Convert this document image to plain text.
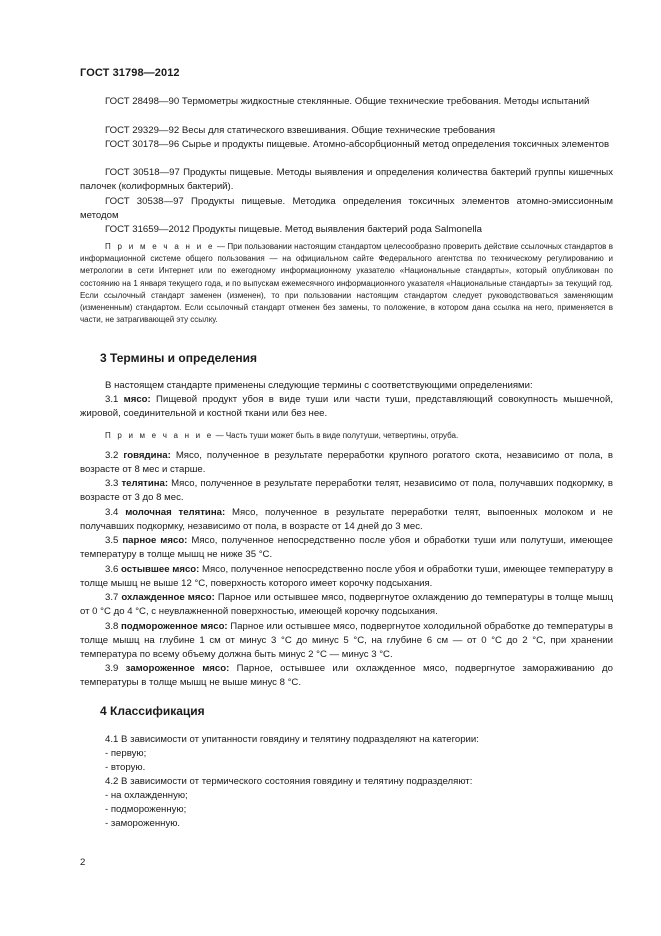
ГОСТ 31798—2012
ГОСТ 28498—90 Термометры жидкостные стеклянные. Общие технические требования. Методы испытаний
ГОСТ 29329—92 Весы для статического взвешивания. Общие технические требования
ГОСТ 30178—96 Сырье и продукты пищевые. Атомно-абсорбционный метод определения токсичных элементов
ГОСТ 30518—97 Продукты пищевые. Методы выявления и определения количества бактерий группы кишечных палочек (колиформных бактерий).
ГОСТ 30538—97 Продукты пищевые. Методика определения токсичных элементов атомно-эмиссионным методом
ГОСТ 31659—2012 Продукты пищевые. Метод выявления бактерий рода Salmonella
П р и м е ч а н и е — При пользовании настоящим стандартом целесообразно проверить действие ссылочных стандартов в информационной системе общего пользования — на официальном сайте Федерального агентства по техническому регулированию и метрологии в сети Интернет или по ежегодному информационному указателю «Национальные стандарты», который опубликован по состоянию на 1 января текущего года, и по выпускам ежемесячного информационного указателя «Национальные стандарты» за текущий год. Если ссылочный стандарт заменен (изменен), то при пользовании настоящим стандартом следует руководствоваться заменяющим (измененным) стандартом. Если ссылочный стандарт отменен без замены, то положение, в котором дана ссылка на него, применяется в части, не затрагивающей эту ссылку.
3 Термины и определения
В настоящем стандарте применены следующие термины с соответствующими определениями:
3.1 мясо: Пищевой продукт убоя в виде туши или части туши, представляющий совокупность мышечной, жировой, соединительной и костной ткани или без нее.
П р и м е ч а н и е — Часть туши может быть в виде полутуши, четвертины, отруба.
3.2 говядина: Мясо, полученное в результате переработки крупного рогатого скота, независимо от пола, в возрасте от 8 мес и старше.
3.3 телятина: Мясо, полученное в результате переработки телят, независимо от пола, получавших подкормку, в возрасте от 3 до 8 мес.
3.4 молочная телятина: Мясо, полученное в результате переработки телят, выпоенных молоком и не получавших подкормку, независимо от пола, в возрасте от 14 дней до 3 мес.
3.5 парное мясо: Мясо, полученное непосредственно после убоя и обработки туши или полутуши, имеющее температуру в толще мышц не ниже 35 °С.
3.6 остывшее мясо: Мясо, полученное непосредственно после убоя и обработки туши, имеющее температуру в толще мышц не выше 12 °С, поверхность которого имеет корочку подсыхания.
3.7 охлажденное мясо: Парное или остывшее мясо, подвергнутое охлаждению до температуры в толще мышц от 0 °С до 4 °С, с неувлажненной поверхностью, имеющей корочку подсыхания.
3.8 подмороженное мясо: Парное или остывшее мясо, подвергнутое холодильной обработке до температуры в толще мышц на глубине 1 см от минус 3 °С до минус 5 °С, на глубине 6 см — от 0 °С до 2 °С, при хранении температура по всему объему должна быть минус 2 °С — минус 3 °С.
3.9 замороженное мясо: Парное, остывшее или охлажденное мясо, подвергнутое замораживанию до температуры в толще мышц не выше минус 8 °С.
4 Классификация
4.1 В зависимости от упитанности говядину и телятину подразделяют на категории:
- первую;
- вторую.
4.2 В зависимости от термического состояния говядину и телятину подразделяют:
- на охлажденную;
- подмороженную;
- замороженную.
2
